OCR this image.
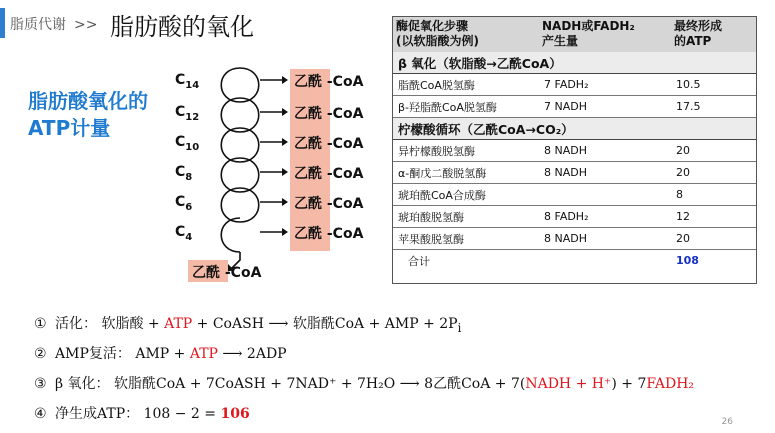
脂质代谢 >> 脂肪酸的氧化
脂肪酸氧化的ATP计量
$C_{14}$
$C_{12}$
$C_{10}$
$C_8$
$C_6$
$C_4$
乙酰 -CoA
乙酰 -CoA
乙酰 -CoA
乙酰 -CoA
乙酰 -CoA
乙酰 -CoA
乙酰 -CoA
酶促氧化步骤
(以软脂酸为例)	NADH或FADH₂
产生量	最终形成
的ATP
β 氧化（软脂酸→乙酰CoA）		
脂酰CoA脱氢酶	7 FADH₂	10.5
β-羟脂酰CoA脱氢酶	7 NADH	17.5
柠檬酸循环（乙酰CoA→CO₂）		
异柠檬酸脱氢酶	8 NADH	20
α-酮戊二酸脱氢酶	8 NADH	20
琥珀酰CoA合成酶		8
琥珀酸脱氢酶	8 FADH₂	12
苹果酸脱氢酶	8 NADH	20
合计		108
① 活化： 软脂酸 + ATP + CoASH ⟶ 软脂酰CoA + AMP + $2P_i$
② AMP复活： AMP + ATP ⟶ 2ADP
③ β 氧化： 软脂酰CoA + 7CoASH + 7NAD⁺ + 7H₂O ⟶ 8乙酰CoA + 7(NADH + H⁺) + 7FADH₂
④ 净生成ATP： 108 − 2 = 106	26
